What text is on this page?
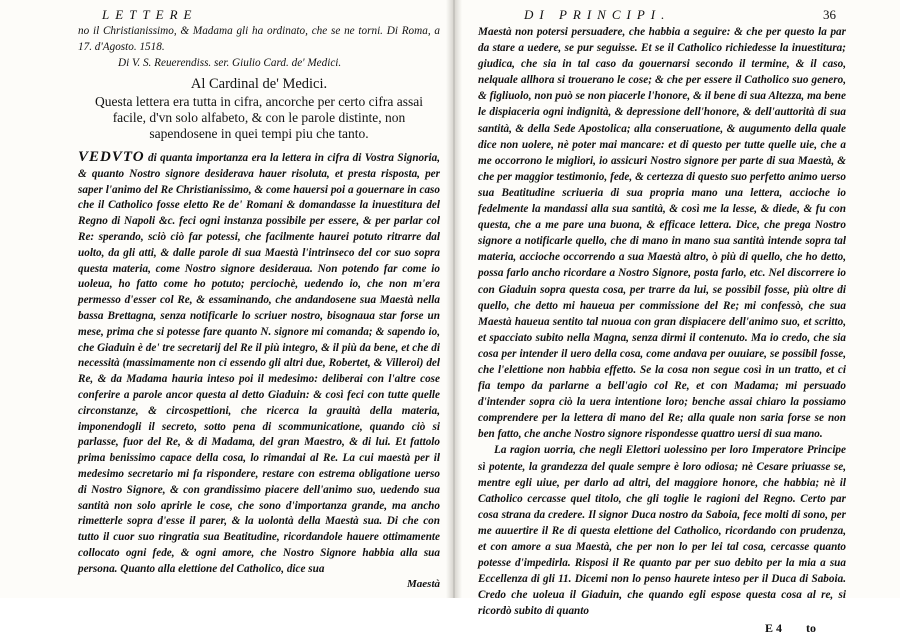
LETTERE
no il Christianissimo, & Madama gli ha ordinato, che se ne torni. Di Roma, a 17. d'Agosto. 1518.
Di V. S. Reuerendiss. ser. Giulio Card. de' Medici.
Al Cardinal de' Medici.
Questa lettera era tutta in cifra, ancorche per certo cifra assai facile, d'vn solo alfabeto, & con le parole distinte, non sapendosene in quei tempi piu che tanto.
VEDVTO di quanta importanza era la lettera in cifra di Vostra Signoria, & quanto Nostro signore desiderava hauer risoluta, et presta risposta, per saper l'animo del Re Christianissimo, & come hauersi poi a gouernare in caso che il Catholico fosse eletto Re de' Romani & domandasse la inuestitura del Regno di Napoli &c. feci ogni instanza possibile per essere, & per parlar col Re: sperando, sciò ciò far potessi, che facilmente haurei potuto ritrarre dal uolto, da gli atti, & dalle parole di sua Maestà l'intrinseco del cor suo sopra questa materia, come Nostro signore desideraua. Non potendo far come io uoleua, ho fatto come ho potuto; perciochè, uedendo io, che non m'era permesso d'esser col Re, & essaminando, che andandosene sua Maestà nella bassa Brettagna, senza notificarle lo scriuer nostro, bisognaua star forse un mese, prima che si potesse fare quanto N. signore mi comanda; & sapendo io, che Giaduin è de' tre secretarij del Re il più integro, & il più da bene, et che di necessità (massimamente non ci essendo gli altri due, Robertet, & Villeroi) del Re, & da Madama hauria inteso poi il medesimo: deliberai con l'altre cose conferire a parole ancor questa al detto Giaduin: & così feci con tutte quelle circonstanze, & circospettioni, che ricerca la grauità della materia, imponendogli il secreto, sotto pena di scommunicatione, quando ciò si parlasse, fuor del Re, & di Madama, del gran Maestro, & di lui. Et fattolo prima benissimo capace della cosa, lo rimandai al Re. La cui maestà per il medesimo secretario mi fa rispondere, restare con estrema obligatione uerso di Nostro Signore, & con grandissimo piacere dell'animo suo, uedendo sua santità non solo aprirle le cose, che sono d'importanza grande, ma ancho rimetterle sopra d'esse il parer, & la uolontà della Maestà sua. Di che con tutto il cuor suo ringratia sua Beatitudine, ricordandole hauere ottimamente collocato ogni fede, & ogni amore, che Nostro Signore habbia alla sua persona. Quanto alla elettione del Catholico, dice sua
Maestà
DI PRINCIPI.	36
Maestà non potersi persuadere, che habbia a seguire: & che per questo la par da stare a uedere, se pur seguisse. Et se il Catholico richiedesse la inuestitura; giudica, che sia in tal caso da gouernarsi secondo il termine, & il caso, nelquale allhora si trouerano le cose; & che per essere il Catholico suo genero, & figliuolo, non può se non piacerle l'honore, & il bene di sua Altezza, ma bene le dispiaceria ogni indignità, & depressione dell'honore, & dell'auttorità di sua santità, & della Sede Apostolica; alla conseruatione, & augumento della quale dice non uolere, nè poter mai mancare: et di questo per tutte quelle uie, che a me occorrono le migliori, io assicuri Nostro signore per parte di sua Maestà, & che per maggior testimonio, fede, & certezza di questo suo perfetto animo uerso sua Beatitudine scriueria di sua propria mano una lettera, accioche io fedelmente la mandassi alla sua santità, & così me la lesse, & diede, & fu con questa, che a me pare una buona, & efficace lettera. Dice, che prega Nostro signore a notificarle quello, che di mano in mano sua santità intende sopra tal materia, accioche occorrendo a sua Maestà altro, ò più di quello, che ho detto, possa farlo ancho ricordare a Nostro Signore, posta farlo, etc. Nel discorrere io con Giaduin sopra questa cosa, per trarre da lui, se possibil fosse, più oltre di quello, che detto mi haueua per commissione del Re; mi confessò, che sua Maestà haueua sentito tal nuoua con gran dispiacere dell'animo suo, et scritto, et spacciato subito nella Magna, senza dirmi il contenuto. Ma io credo, che sia cosa per intender il uero della cosa, come andava per ouuiare, se possibil fosse, che l'elettione non habbia effetto. Se la cosa non segue così in un tratto, et ci fia tempo da parlarne a bell'agio col Re, et con Madama; mi persuado d'intender sopra ciò la uera intentione loro; benche assai chiaro la possiamo comprendere per la lettera di mano del Re; alla quale non saria forse se non ben fatto, che anche Nostro signore rispondesse quattro uersi di sua mano.
La ragion uorria, che negli Elettori uolessino per loro Imperatore Principe sì potente, la grandezza del quale sempre è loro odiosa; nè Cesare priuasse se, mentre egli uiue, per darlo ad altri, del maggiore honore, che habbia; nè il Catholico cercasse quel titolo, che gli toglie le ragioni del Regno. Certo par cosa strana da credere. Il signor Duca nostro da Saboia, fece molti di sono, per me auuertire il Re di questa elettione del Catholico, ricordando con prudenza, et con amore a sua Maestà, che per non lo per lei tal cosa, cercasse quanto potesse d'impedirla. Risposi il Re quanto par per suo debito per la mia a sua Eccellenza di gli 11. Dicemi non lo penso haurete inteso per il Duca di Saboia. Credo che uoleua il Giaduin, che quando egli espose questa cosa al re, si ricordò subito di quanto
E 4 to
